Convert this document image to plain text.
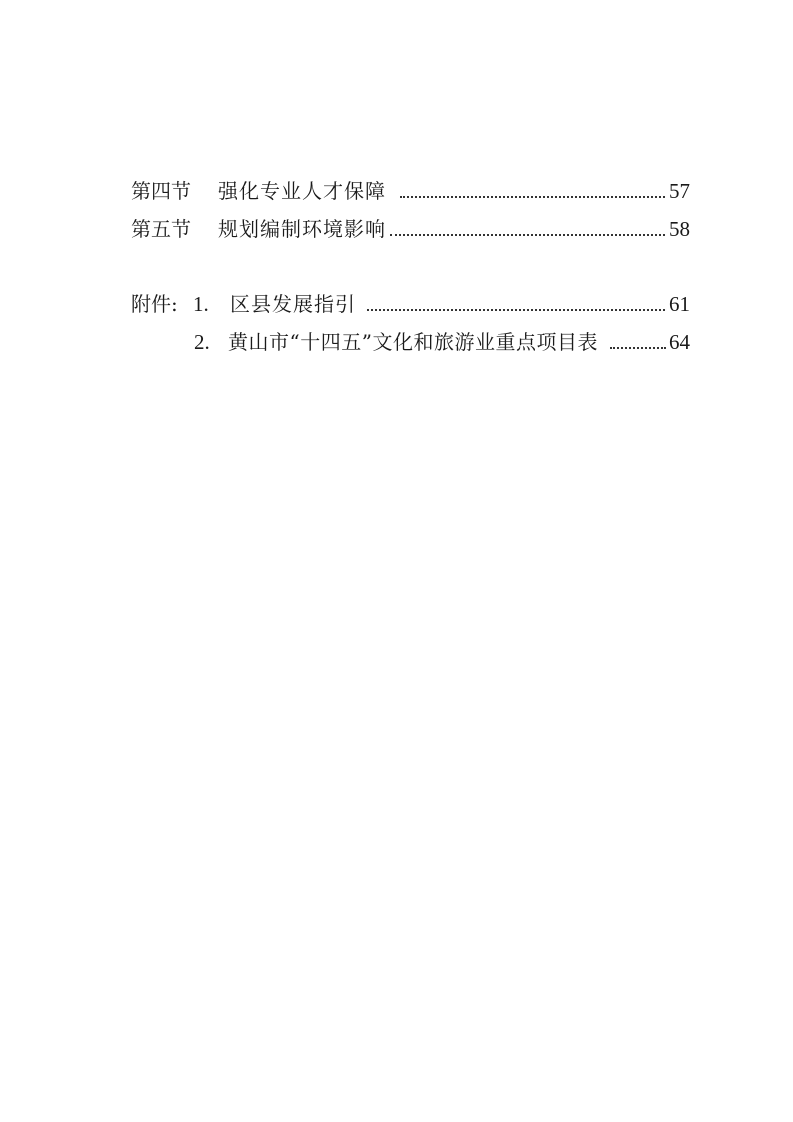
第四节 强化专业人才保障	57
第五节 规划编制环境影响	58
附件: 1. 区县发展指引	61
2. 黄山市“十四五”文化和旅游业重点项目表	64
